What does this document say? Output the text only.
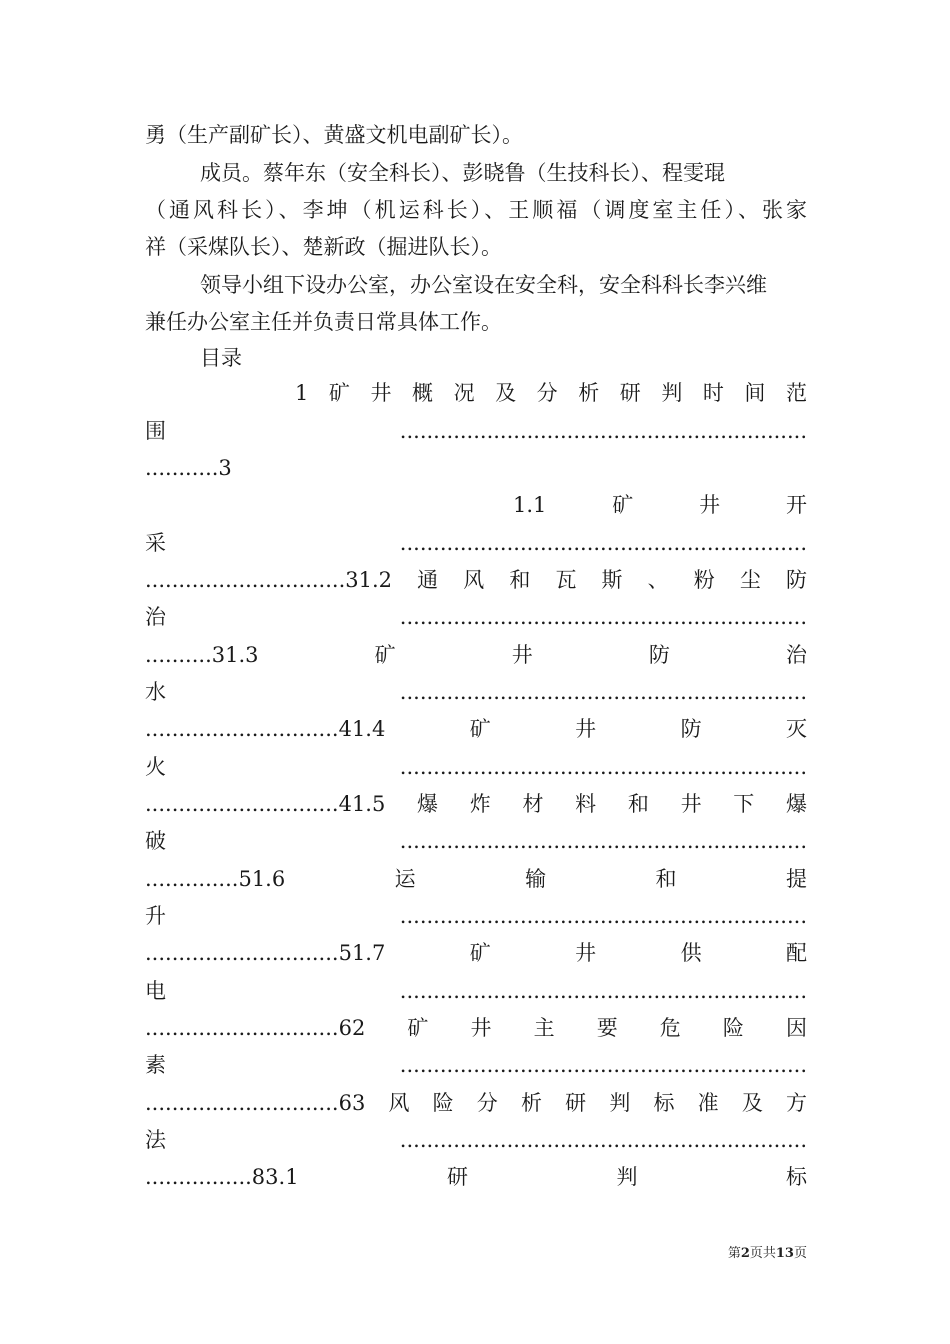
勇（生产副矿长）、黄盛文机电副矿长）。
成员。蔡年东（安全科长）、彭晓鲁（生技科长）、程雯琨
（通风科长）、李坤（机运科长）、王顺福（调度室主任）、张家
祥（采煤队长）、楚新政（掘进队长）。
领导小组下设办公室，办公室设在安全科，安全科科长李兴维
兼任办公室主任并负责日常具体工作。
目录
1矿井概况及分析研判时间范
围.............................................................
...........3
1.1矿井开
采.............................................................
..............................31.2通风和瓦斯、粉尘防
治.............................................................
..........31.3矿井防治
水.............................................................
.............................41.4矿井防灭
火.............................................................
.............................41.5爆炸材料和井下爆
破.............................................................
..............51.6运输和提
升.............................................................
.............................51.7矿井供配
电.............................................................
.............................62矿井主要危险因
素.............................................................
.............................63风险分析研判标准及方
法.............................................................
................83.1研判标
第2页共13页
